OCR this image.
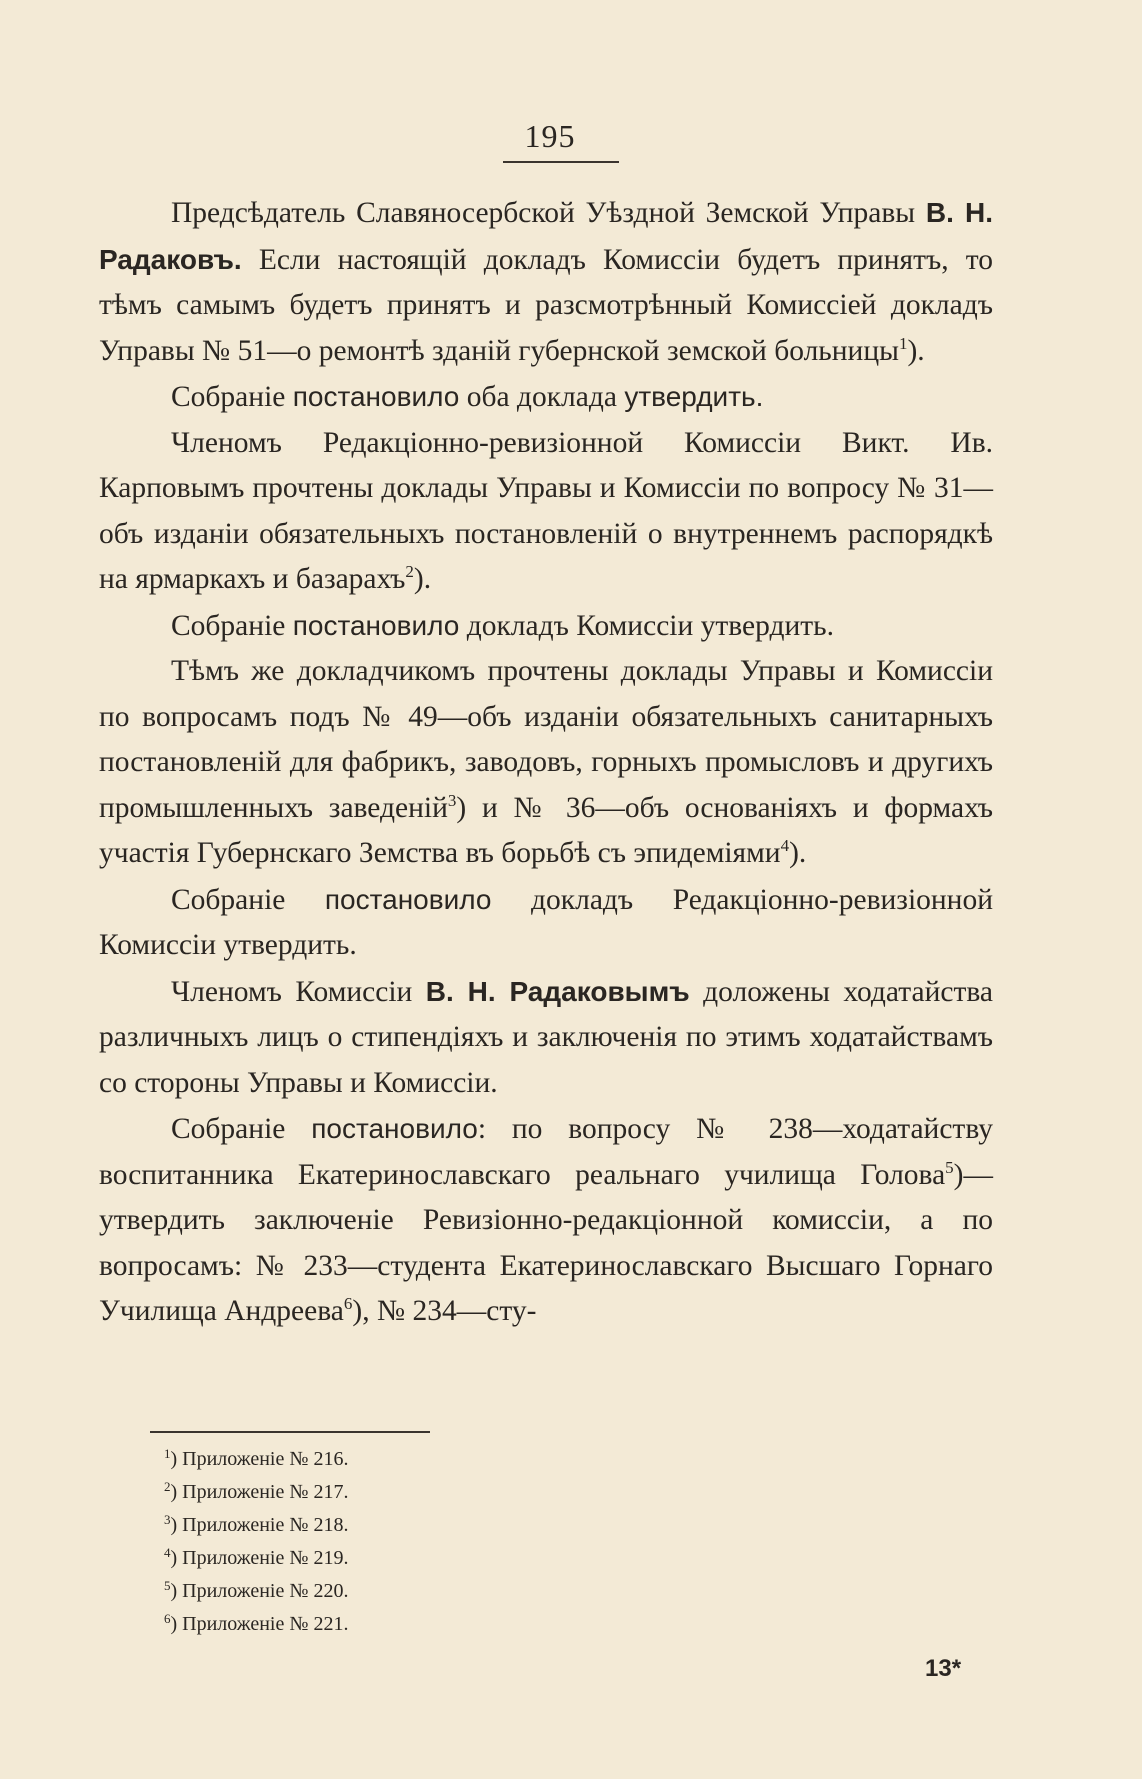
195

Предсѣдатель Славяносербской Уѣздной Земской Управы В. Н. Радаковъ. Если настоящій докладъ Комиссіи будетъ принятъ, то тѣмъ самымъ будетъ принятъ и разсмотрѣнный Комиссіей докладъ Управы № 51—о ремонтѣ зданій губернской земской больницы$^1$).

Собраніе постановило оба доклада утвердить.

Членомъ Редакціонно-ревизіонной Комиссіи Викт. Ив. Карповымъ прочтены доклады Управы и Комиссіи по вопросу № 31—объ изданіи обязательныхъ постановленій о внутреннемъ распорядкѣ на ярмаркахъ и базарахъ$^2$).

Собраніе постановило докладъ Комиссіи утвердить.

Тѣмъ же докладчикомъ прочтены доклады Управы и Комиссіи по вопросамъ подъ № 49—объ изданіи обязательныхъ санитарныхъ постановленій для фабрикъ, заводовъ, горныхъ промысловъ и другихъ промышленныхъ заведеній$^3$) и № 36—объ основаніяхъ и формахъ участія Губернскаго Земства въ борьбѣ съ эпидеміями$^4$).

Собраніе постановило докладъ Редакціонно-ревизіонной Комиссіи утвердить.

Членомъ Комиссіи В. Н. Радаковымъ доложены ходатайства различныхъ лицъ о стипендіяхъ и заключенія по этимъ ходатайствамъ со стороны Управы и Комиссіи.

Собраніе постановило: по вопросу № 238—ходатайству воспитанника Екатеринославскаго реальнаго училища Голова$^5$)—утвердить заключеніе Ревизіонно-редакціонной комиссіи, а по вопросамъ: № 233—студента Екатеринославскаго Высшаго Горнаго Училища Андреева$^6$), № 234—сту-

$^1$) Приложеніе № 216.
$^2$) Приложеніе № 217.
$^3$) Приложеніе № 218.
$^4$) Приложеніе № 219.
$^5$) Приложеніе № 220.
$^6$) Приложеніе № 221.
13*
